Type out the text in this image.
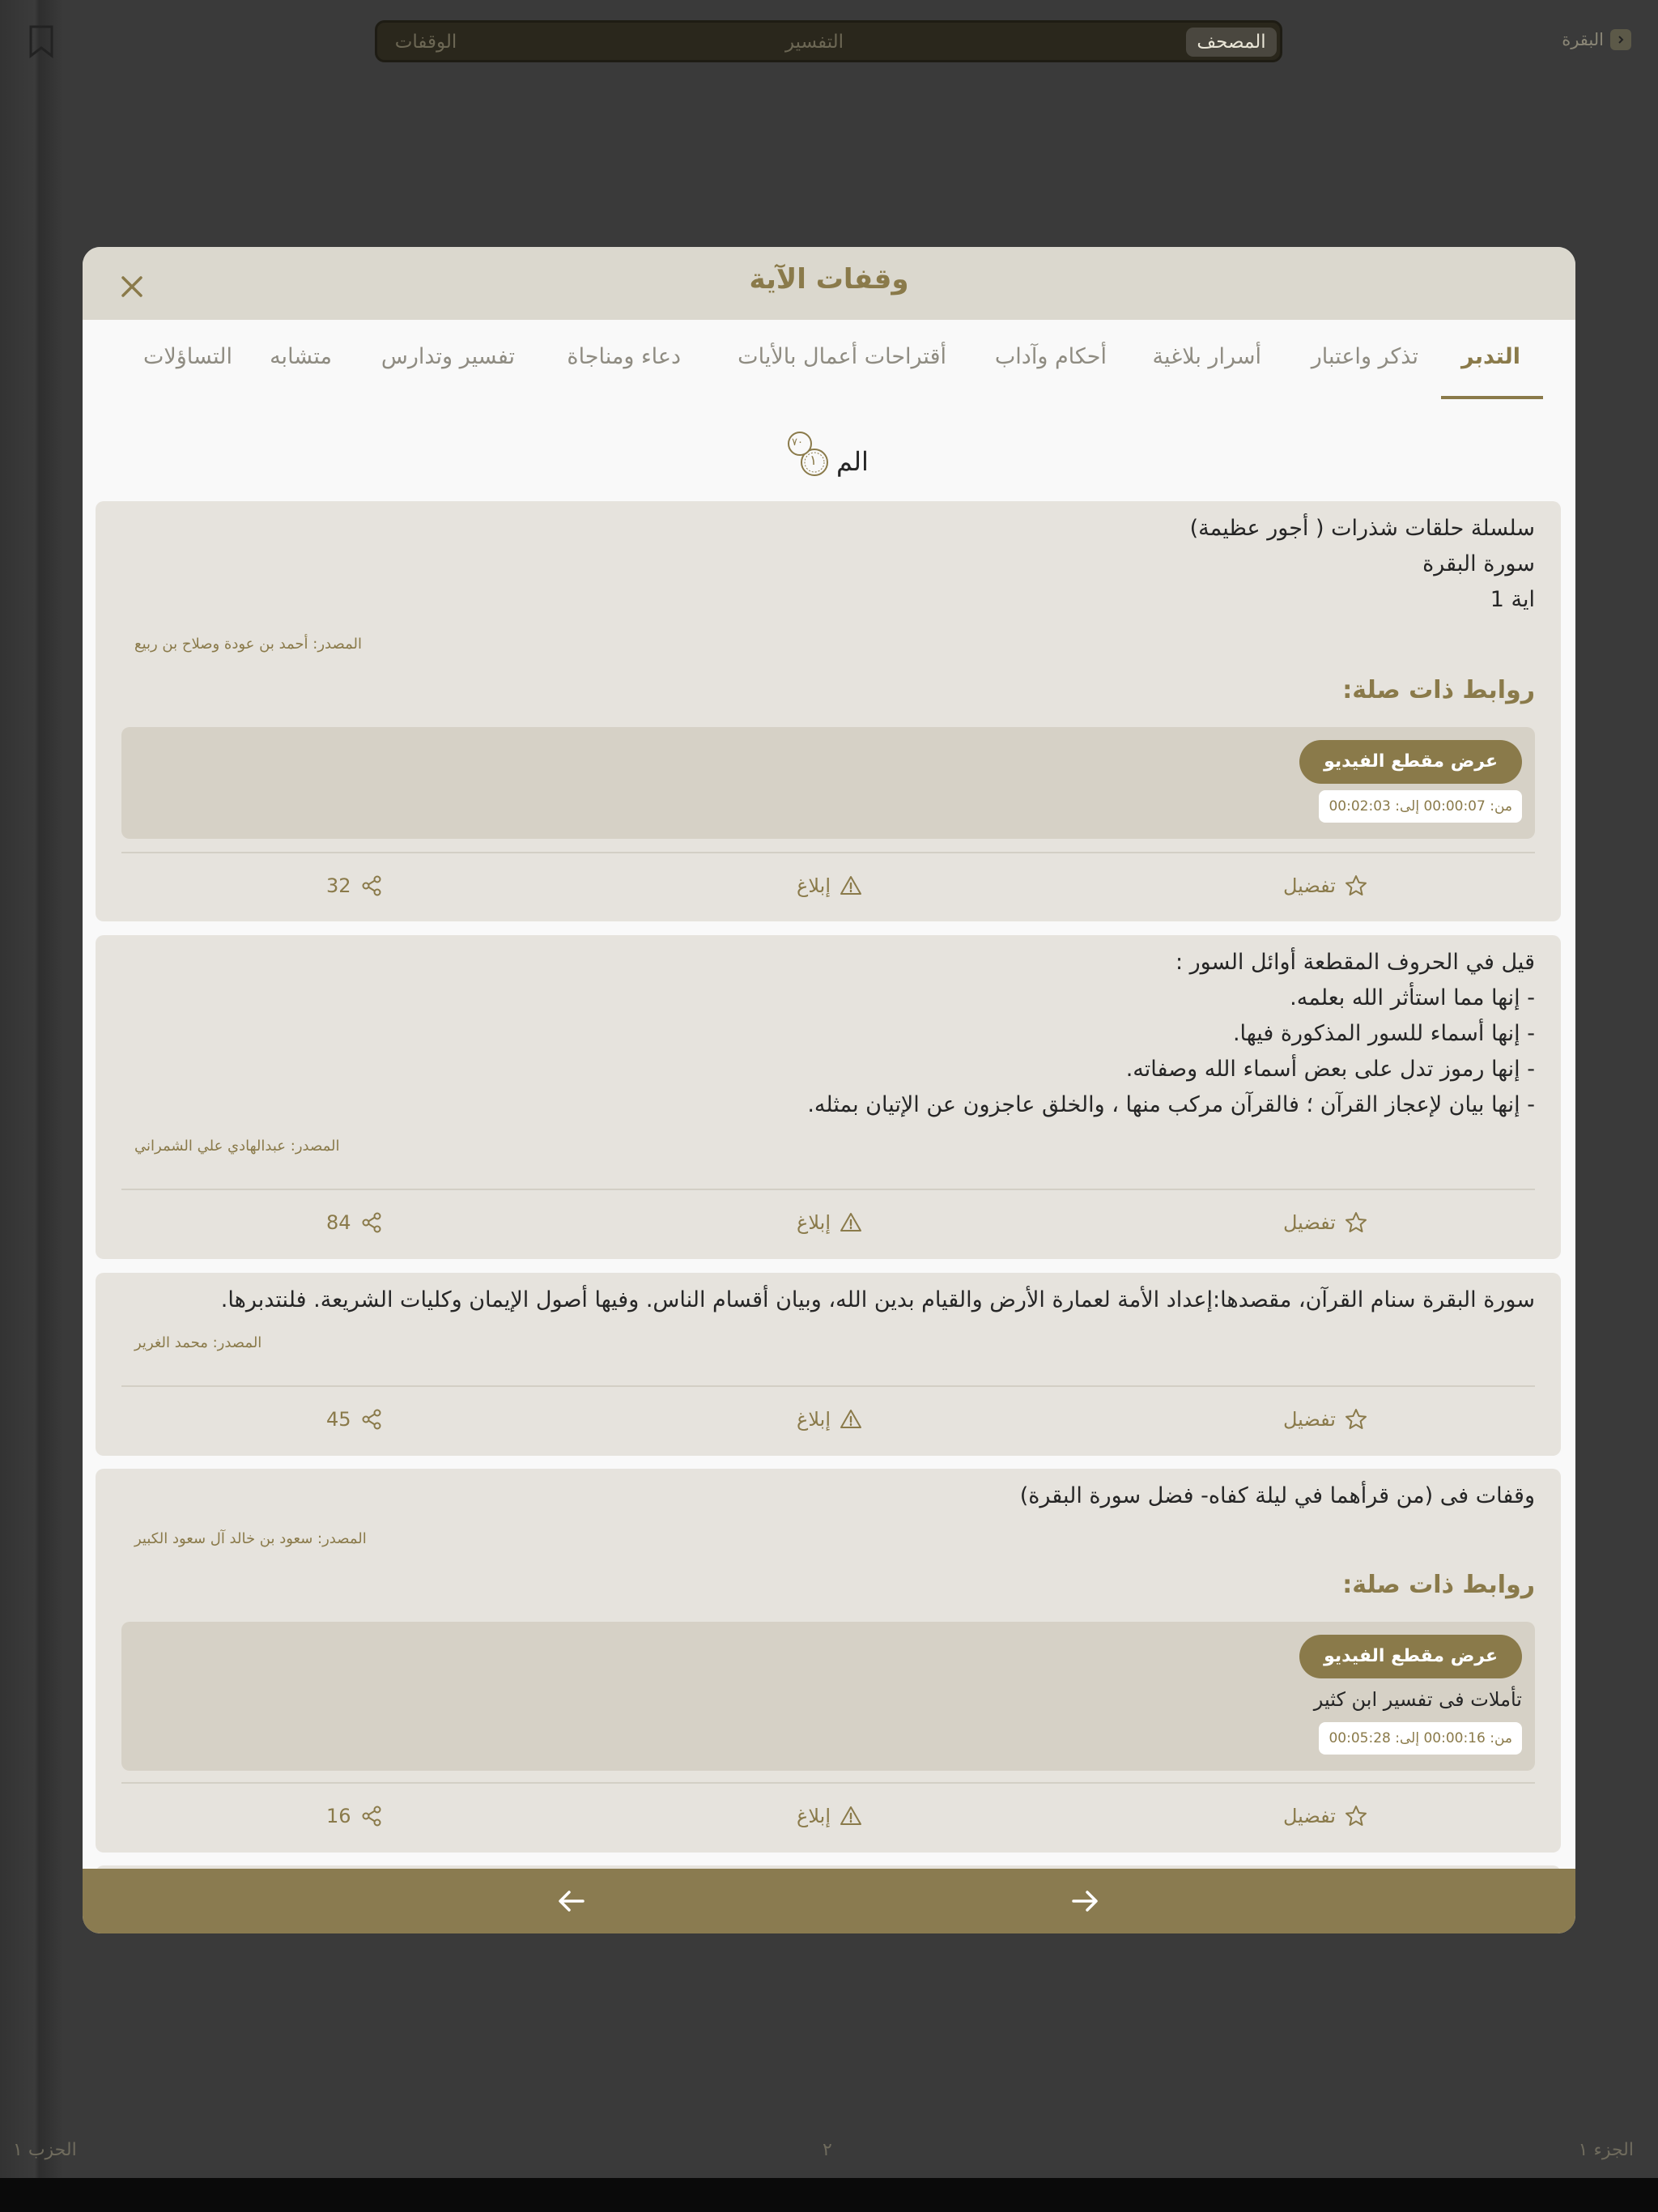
المصحف
التفسير
الوقفات	البقرة
الجزء ١
٢
الحزب ١
وقفات الآية
التدبر
تذكر واعتبار
أسرار بلاغية
أحكام وآداب
أقتراحات أعمال بالأيات
دعاء ومناجاة
تفسير وتدارس
متشابه
التساؤلات
الم
١
٧٠
سلسلة حلقات شذرات ( أجور عظيمة)
سورة البقرة
اية 1
المصدر: أحمد بن عودة وصلاح بن ربيع
روابط ذات صلة:
عرض مقطع الفيديو
من: 00:00:07 إلى: 00:02:03
تفضيل
إبلاغ
32
قيل في الحروف المقطعة أوائل السور :
- إنها مما استأثر الله بعلمه.
- إنها أسماء للسور المذكورة فيها.
- إنها رموز تدل على بعض أسماء الله وصفاته.
- إنها بيان لإعجاز القرآن ؛ فالقرآن مركب منها ، والخلق عاجزون عن الإتيان بمثله.
المصدر: عبدالهادي علي الشمراني
تفضيل
إبلاغ
84
سورة البقرة سنام القرآن، مقصدها:إعداد الأمة لعمارة الأرض والقيام بدين الله، وبيان أقسام الناس. وفيها أصول الإيمان وكليات الشريعة. فلنتدبرها.
المصدر: محمد الغرير
تفضيل
إبلاغ
45
وقفات فى (من قرأهما في ليلة كفاه- فضل سورة البقرة)
المصدر: سعود بن خالد آل سعود الكبير
روابط ذات صلة:
عرض مقطع الفيديو
تأملات فى تفسير ابن كثير
من: 00:00:16 إلى: 00:05:28
تفضيل
إبلاغ
16
